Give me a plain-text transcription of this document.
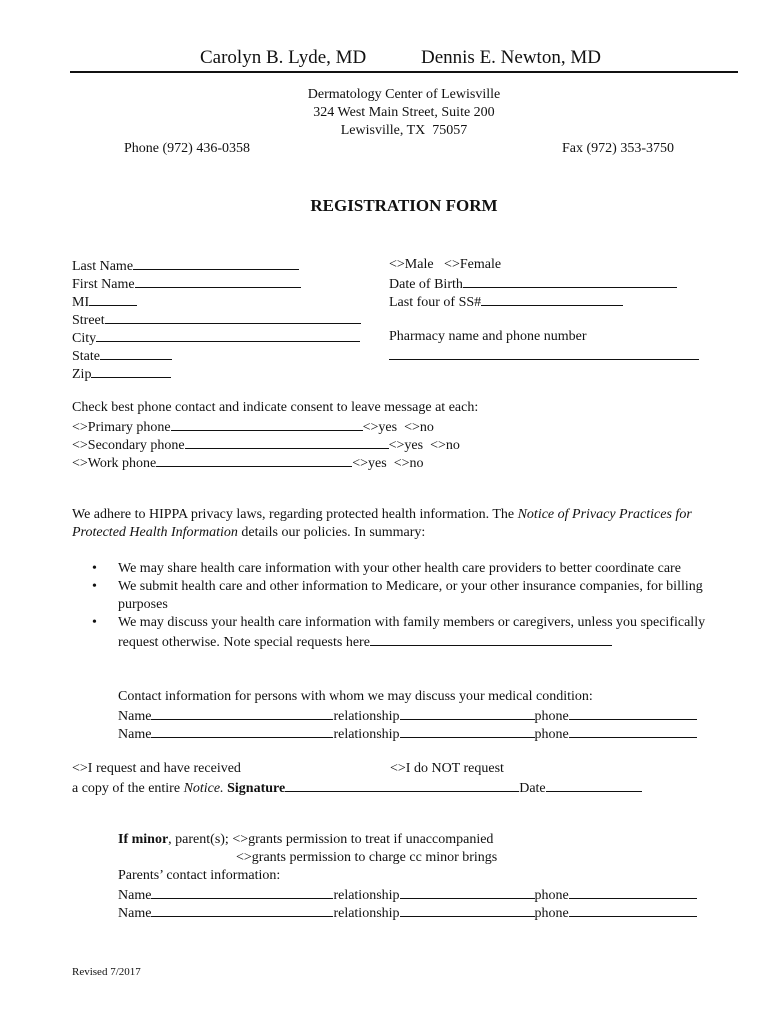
Carolyn B. Lyde, MD	Dennis E. Newton, MD
Dermatology Center of Lewisville
324 West Main Street, Suite 200
Lewisville, TX  75057
Phone (972) 436-0358	Fax (972) 353-3750
REGISTRATION FORM
Last Name
First Name
MI
Street
City
State
Zip
<>Male   <>Female
Date of Birth
Last four of SS#
Pharmacy name and phone number
Check best phone contact and indicate consent to leave message at each:
<>Primary phone	<>yes  <>no
<>Secondary phone	<>yes  <>no
<>Work phone	<>yes  <>no
We adhere to HIPPA privacy laws, regarding protected health information. The Notice of Privacy Practices for Protected Health Information details our policies. In summary:
• We may share health care information with your other health care providers to better coordinate care
• We submit health care and other information to Medicare, or your other insurance companies, for billing purposes
• We may discuss your health care information with family members or caregivers, unless you specifically request otherwise. Note special requests here
Contact information for persons with whom we may discuss your medical condition:
Name	relationship	phone
Name	relationship	phone
<>I request and have received	<>I do NOT request
a copy of the entire Notice. Signature	Date
If minor, parent(s); <>grants permission to treat if unaccompanied
<>grants permission to charge cc minor brings
Parents’ contact information:
Name	relationship	phone
Name	relationship	phone
Revised 7/2017
